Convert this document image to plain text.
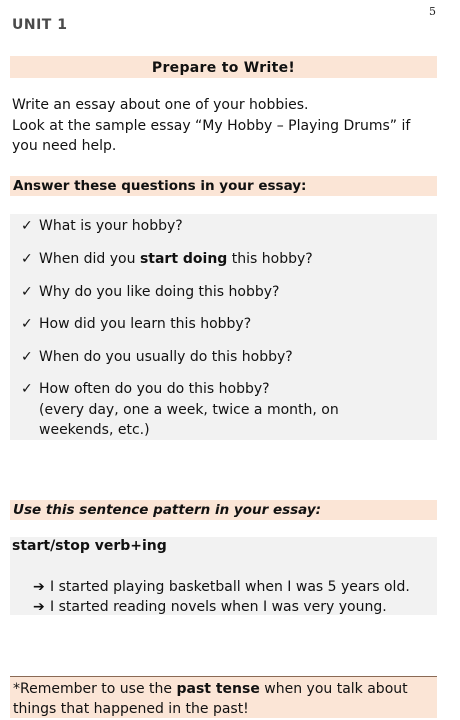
5
UNIT 1
Prepare to Write!

Write an essay about one of your hobbies.

Look at the sample essay “My Hobby – Playing Drums” if you need help.

Answer these questions in your essay:
✓ What is your hobby?
✓ When did you start doing this hobby?
✓ Why do you like doing this hobby?
✓ How did you learn this hobby?
✓ When do you usually do this hobby?
✓ How often do you do this hobby?
(every day, one a week, twice a month, on weekends, etc.)
Use this sentence pattern in your essay:
start/stop verb+ing
➔ I started playing basketball when I was 5 years old.
➔ I started reading novels when I was very young.
*Remember to use the past tense when you talk about things that happened in the past!
